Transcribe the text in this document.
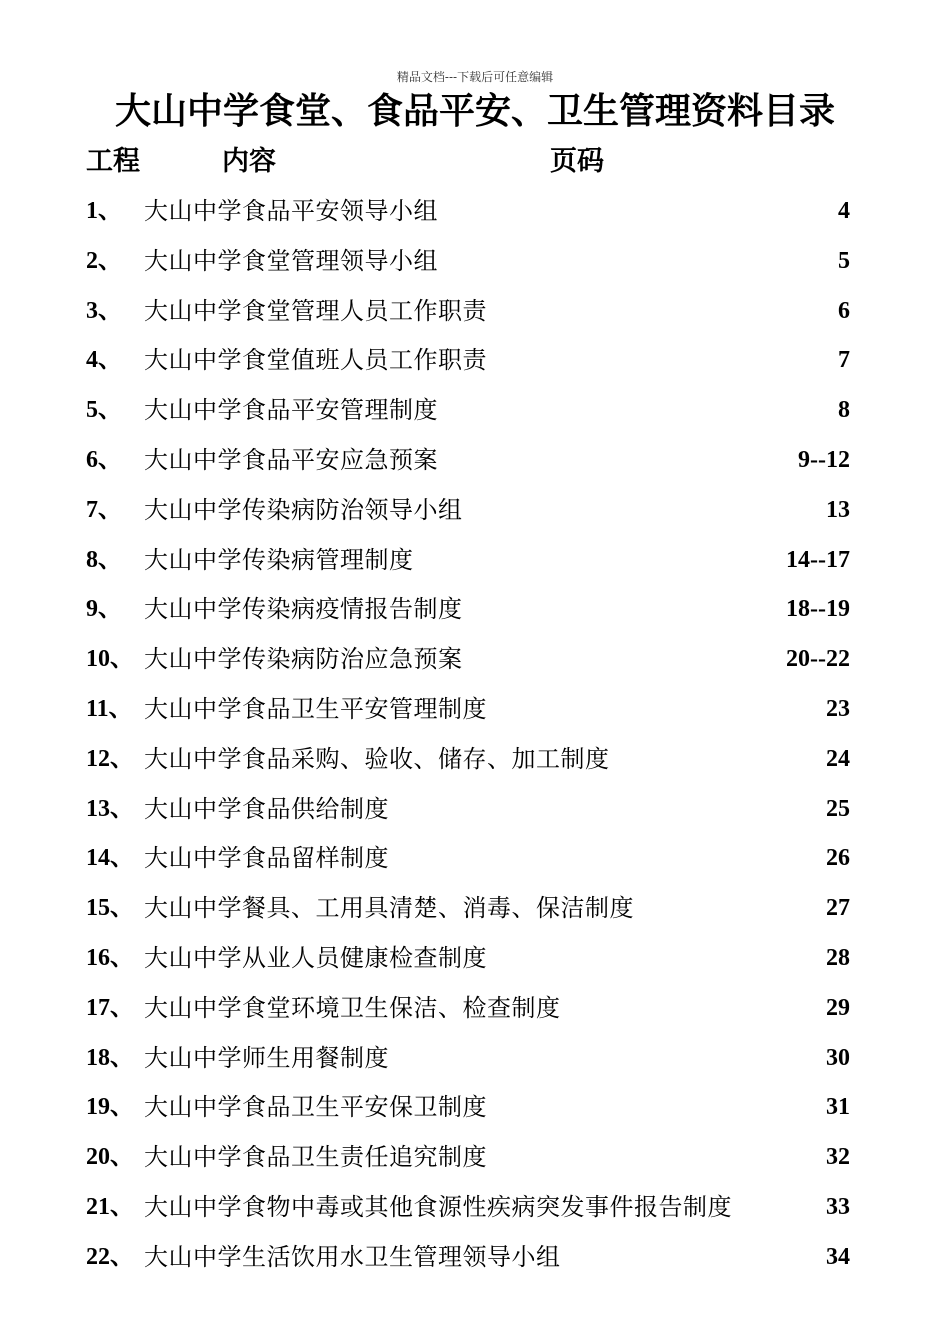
精品文档---下载后可任意编辑
大山中学食堂、食品平安、卫生管理资料目录
工程	内容	页码
1、 大山中学食品平安领导小组	4
2、 大山中学食堂管理领导小组	5
3、 大山中学食堂管理人员工作职责	6
4、 大山中学食堂值班人员工作职责	7
5、 大山中学食品平安管理制度	8
6、 大山中学食品平安应急预案	9--12
7、 大山中学传染病防治领导小组	13
8、 大山中学传染病管理制度	14--17
9、 大山中学传染病疫情报告制度	18--19
10、 大山中学传染病防治应急预案	20--22
11、 大山中学食品卫生平安管理制度	23
12、 大山中学食品采购、验收、储存、加工制度	24
13、 大山中学食品供给制度	25
14、 大山中学食品留样制度	26
15、 大山中学餐具、工用具清楚、消毒、保洁制度	27
16、 大山中学从业人员健康检查制度	28
17、 大山中学食堂环境卫生保洁、检查制度	29
18、 大山中学师生用餐制度	30
19、 大山中学食品卫生平安保卫制度	31
20、 大山中学食品卫生责任追究制度	32
21、 大山中学食物中毒或其他食源性疾病突发事件报告制度	33
22、 大山中学生活饮用水卫生管理领导小组	34
